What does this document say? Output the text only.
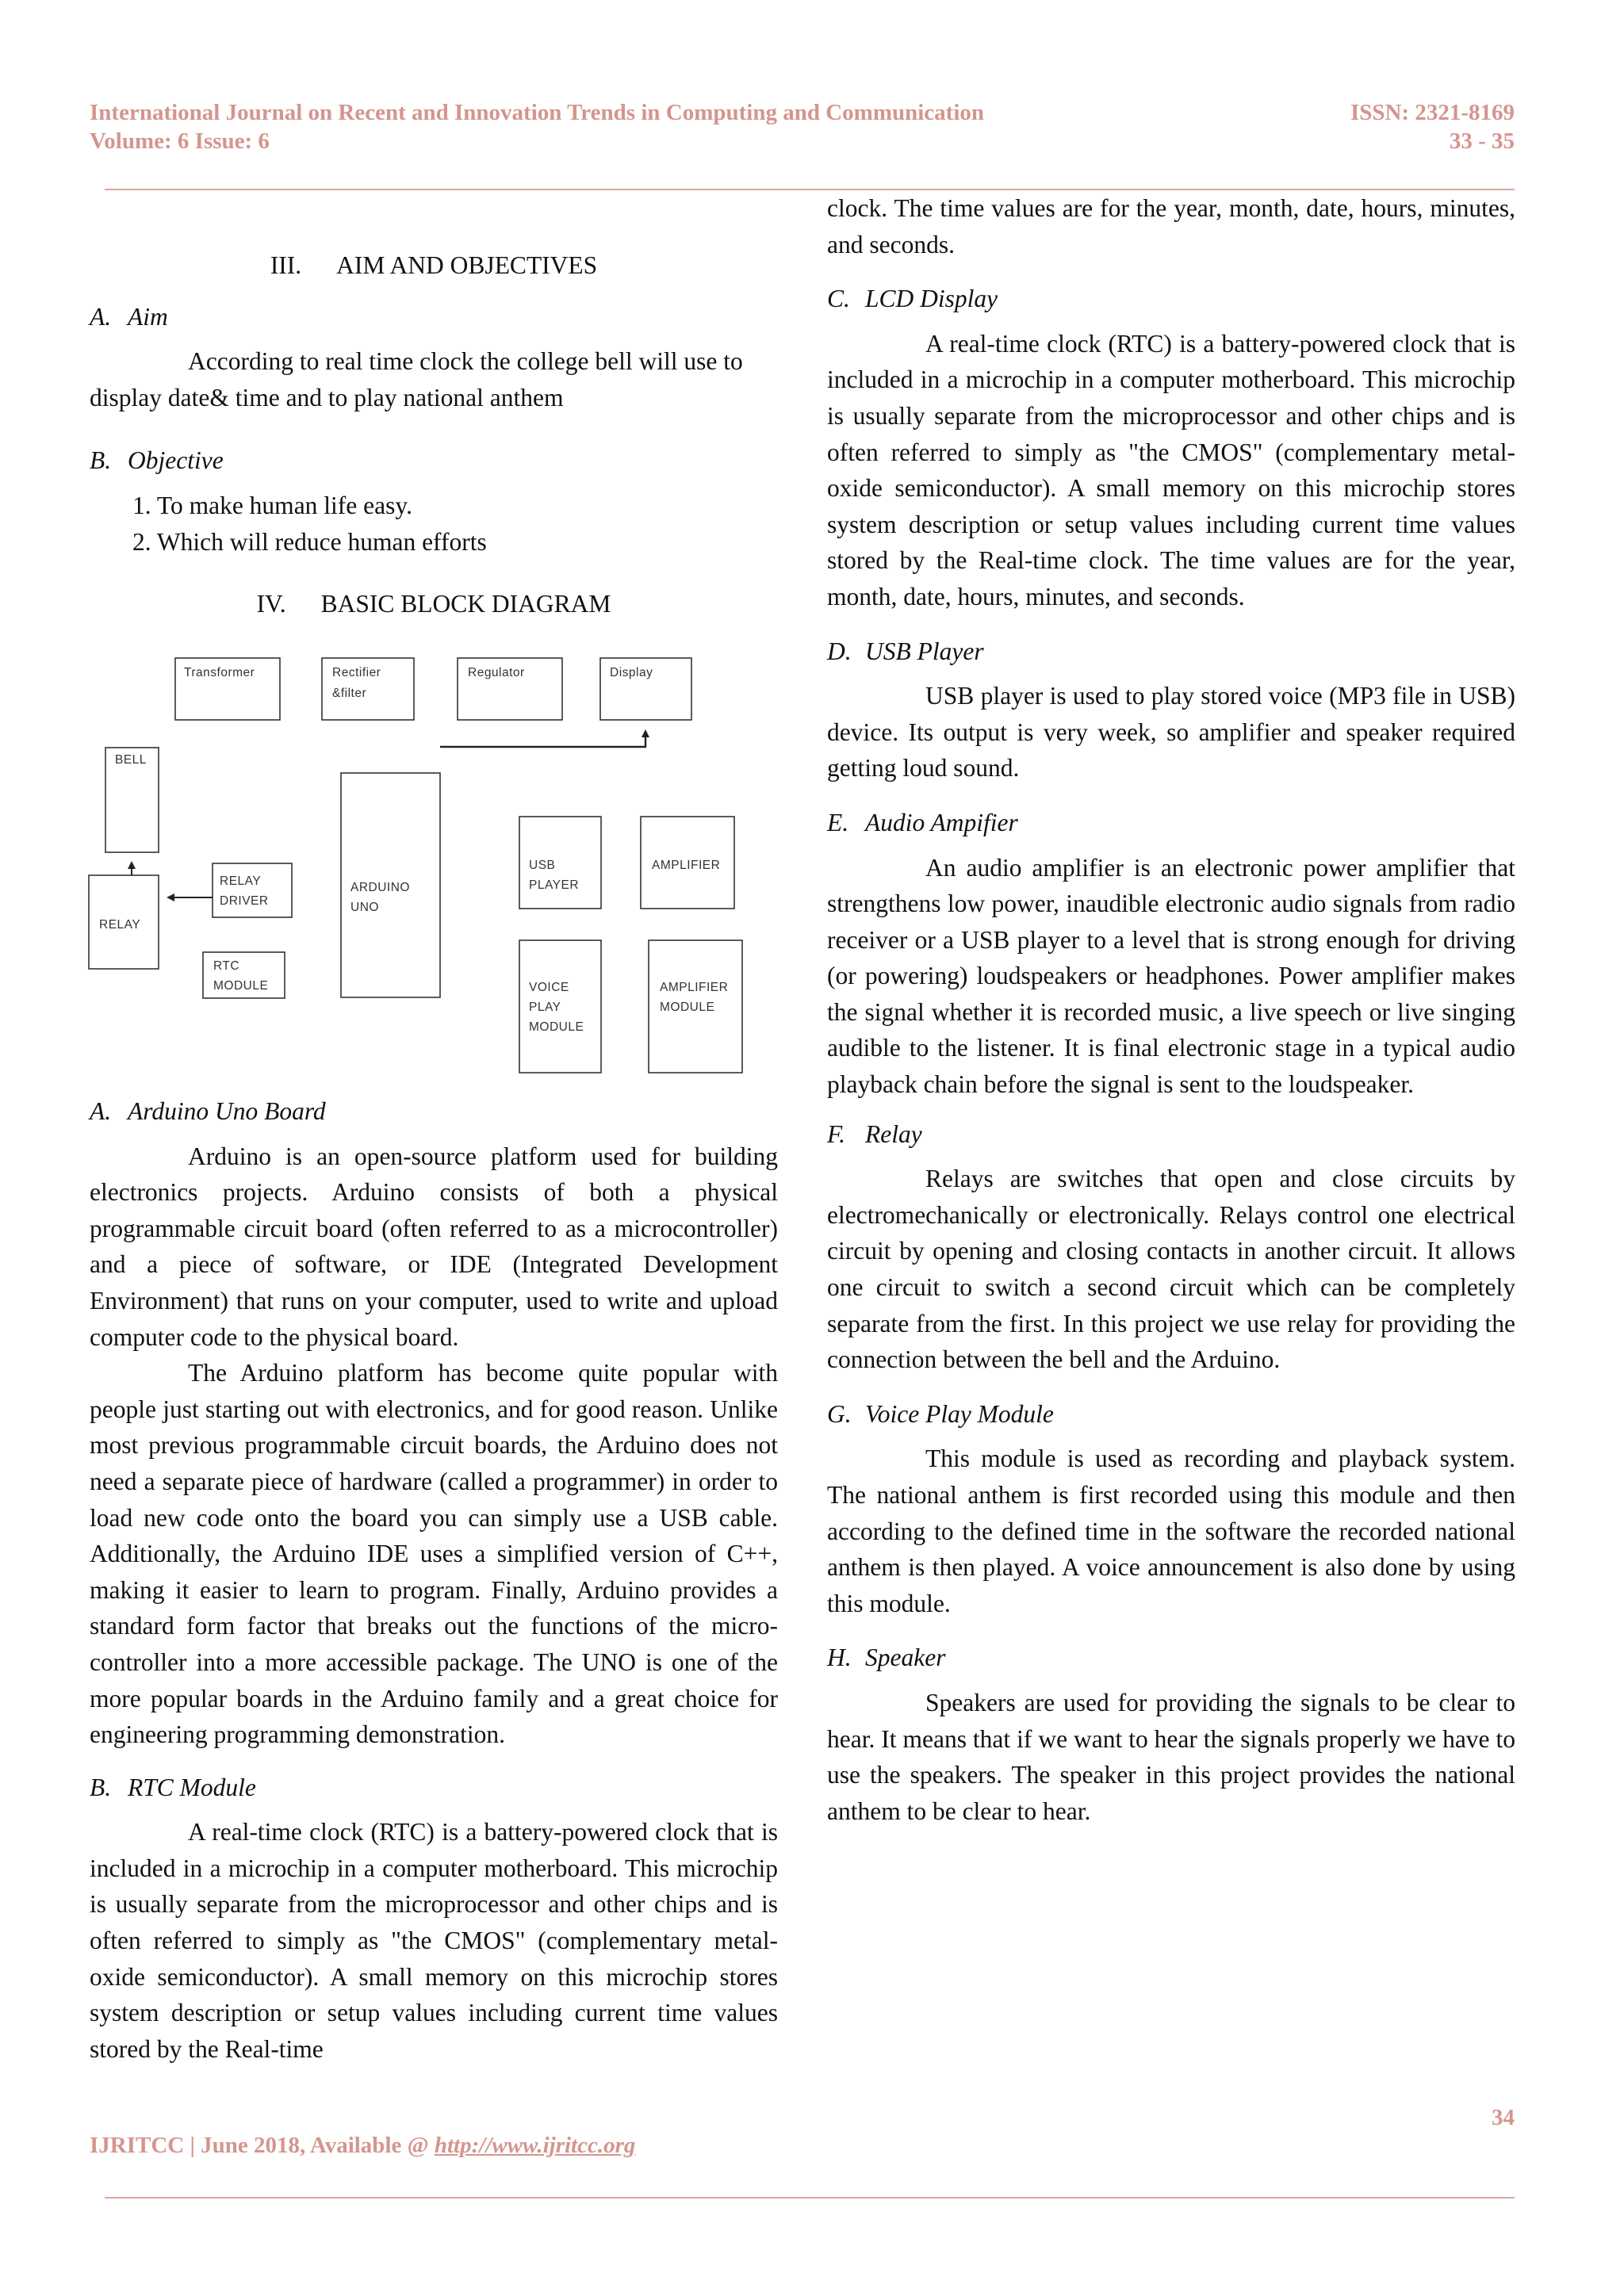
International Journal on Recent and Innovation Trends in Computing and Communication
Volume: 6 Issue: 6
ISSN: 2321-8169
33 - 35

III. AIM AND OBJECTIVES

A. Aim

According to real time clock the college bell will use to display date& time and to play national anthem

B. Objective

1. To make human life easy.

2. Which will reduce human efforts

IV. BASIC BLOCK DIAGRAM

Transformer	Rectifier
&filter
Regulator	Display
BELL
RELAY
RELAY
DRIVER
ARDUINO
UNO
USB
PLAYER
AMPLIFIER
RTC
MODULE	VOICE
PLAY
MODULE
AMPLIFIER
MODULE

A. Arduino Uno Board

Arduino is an open-source platform used for building electronics projects. Arduino consists of both a physical programmable circuit board (often referred to as a microcontroller) and a piece of software, or IDE (Integrated Development Environment) that runs on your computer, used to write and upload computer code to the physical board.

The Arduino platform has become quite popular with people just starting out with electronics, and for good reason. Unlike most previous programmable circuit boards, the Arduino does not need a separate piece of hardware (called a programmer) in order to load new code onto the board you can simply use a USB cable. Additionally, the Arduino IDE uses a simplified version of C++, making it easier to learn to program. Finally, Arduino provides a standard form factor that breaks out the functions of the micro-controller into a more accessible package. The UNO is one of the more popular boards in the Arduino family and a great choice for engineering programming demonstration.

B. RTC Module

A real-time clock (RTC) is a battery-powered clock that is included in a microchip in a computer motherboard. This microchip is usually separate from the microprocessor and other chips and is often referred to simply as "the CMOS" (complementary metal-oxide semiconductor). A small memory on this microchip stores system description or setup values including current time values stored by the Real-time

clock. The time values are for the year, month, date, hours, minutes, and seconds.

C. LCD Display

A real-time clock (RTC) is a battery-powered clock that is included in a microchip in a computer motherboard. This microchip is usually separate from the microprocessor and other chips and is often referred to simply as "the CMOS" (complementary metal-oxide semiconductor). A small memory on this microchip stores system description or setup values including current time values stored by the Real-time clock. The time values are for the year, month, date, hours, minutes, and seconds.

D. USB Player

USB player is used to play stored voice (MP3 file in USB) device. Its output is very week, so amplifier and speaker required getting loud sound.

E. Audio Ampifier

An audio amplifier is an electronic power amplifier that strengthens low power, inaudible electronic audio signals from radio receiver or a USB player to a level that is strong enough for driving (or powering) loudspeakers or headphones. Power amplifier makes the signal whether it is recorded music, a live speech or live singing audible to the listener. It is final electronic stage in a typical audio playback chain before the signal is sent to the loudspeaker.

F. Relay

Relays are switches that open and close circuits by electromechanically or electronically. Relays control one electrical circuit by opening and closing contacts in another circuit. It allows one circuit to switch a second circuit which can be completely separate from the first. In this project we use relay for providing the connection between the bell and the Arduino.

G. Voice Play Module

This module is used as recording and playback system. The national anthem is first recorded using this module and then according to the defined time in the software the recorded national anthem is then played. A voice announcement is also done by using this module.

H. Speaker

Speakers are used for providing the signals to be clear to hear. It means that if we want to hear the signals properly we have to use the speakers. The speaker in this project provides the national anthem to be clear to hear.

34
IJRITCC | June 2018, Available @ http://www.ijritcc.org
